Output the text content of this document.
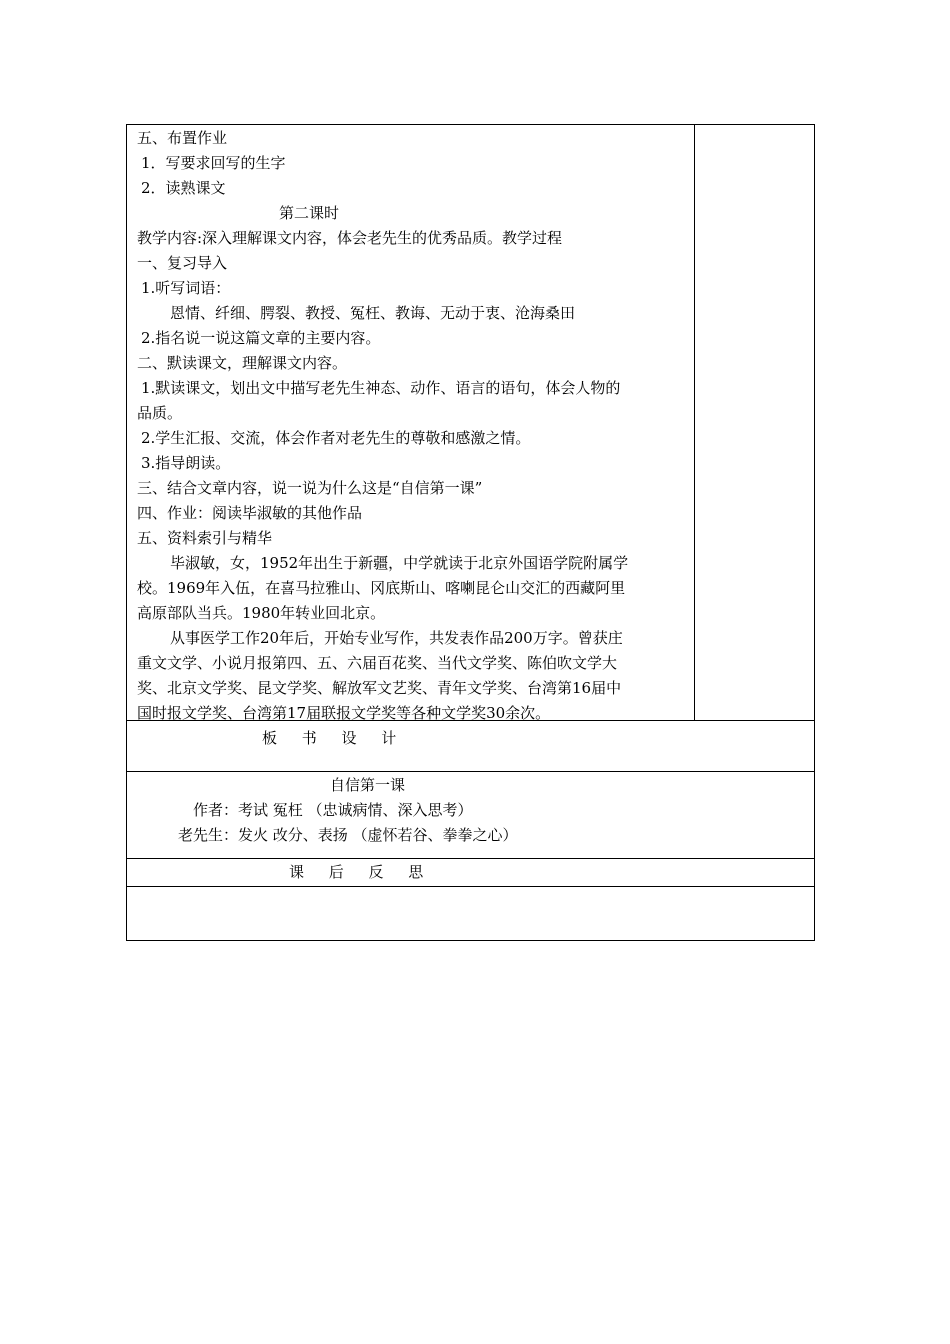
五、布置作业
1．写要求回写的生字
2．读熟课文
第二课时
教学内容:深入理解课文内容，体会老先生的优秀品质。教学过程
一、复习导入
1.听写词语：
恩情、纤细、腭裂、教授、冤枉、教诲、无动于衷、沧海桑田
2.指名说一说这篇文章的主要内容。
二、默读课文，理解课文内容。
1.默读课文，划出文中描写老先生神态、动作、语言的语句，体会人物的
品质。
2.学生汇报、交流，体会作者对老先生的尊敬和感激之情。
3.指导朗读。
三、结合文章内容，说一说为什么这是“自信第一课”
四、作业：阅读毕淑敏的其他作品
五、资料索引与精华
毕淑敏，女，1952年出生于新疆，中学就读于北京外国语学院附属学
校。1969年入伍，在喜马拉雅山、冈底斯山、喀喇昆仑山交汇的西藏阿里
高原部队当兵。1980年转业回北京。
从事医学工作20年后，开始专业写作，共发表作品200万字。曾获庄
重文文学、小说月报第四、五、六届百花奖、当代文学奖、陈伯吹文学大
奖、北京文学奖、昆文学奖、解放军文艺奖、青年文学奖、台湾第16届中
国时报文学奖、台湾第17届联报文学奖等各种文学奖30余次。
板 书 设 计
自信第一课
作者：考试 冤枉 （忠诚病情、深入思考）
老先生：发火 改分、表扬 （虚怀若谷、拳拳之心）
课 后 反 思
